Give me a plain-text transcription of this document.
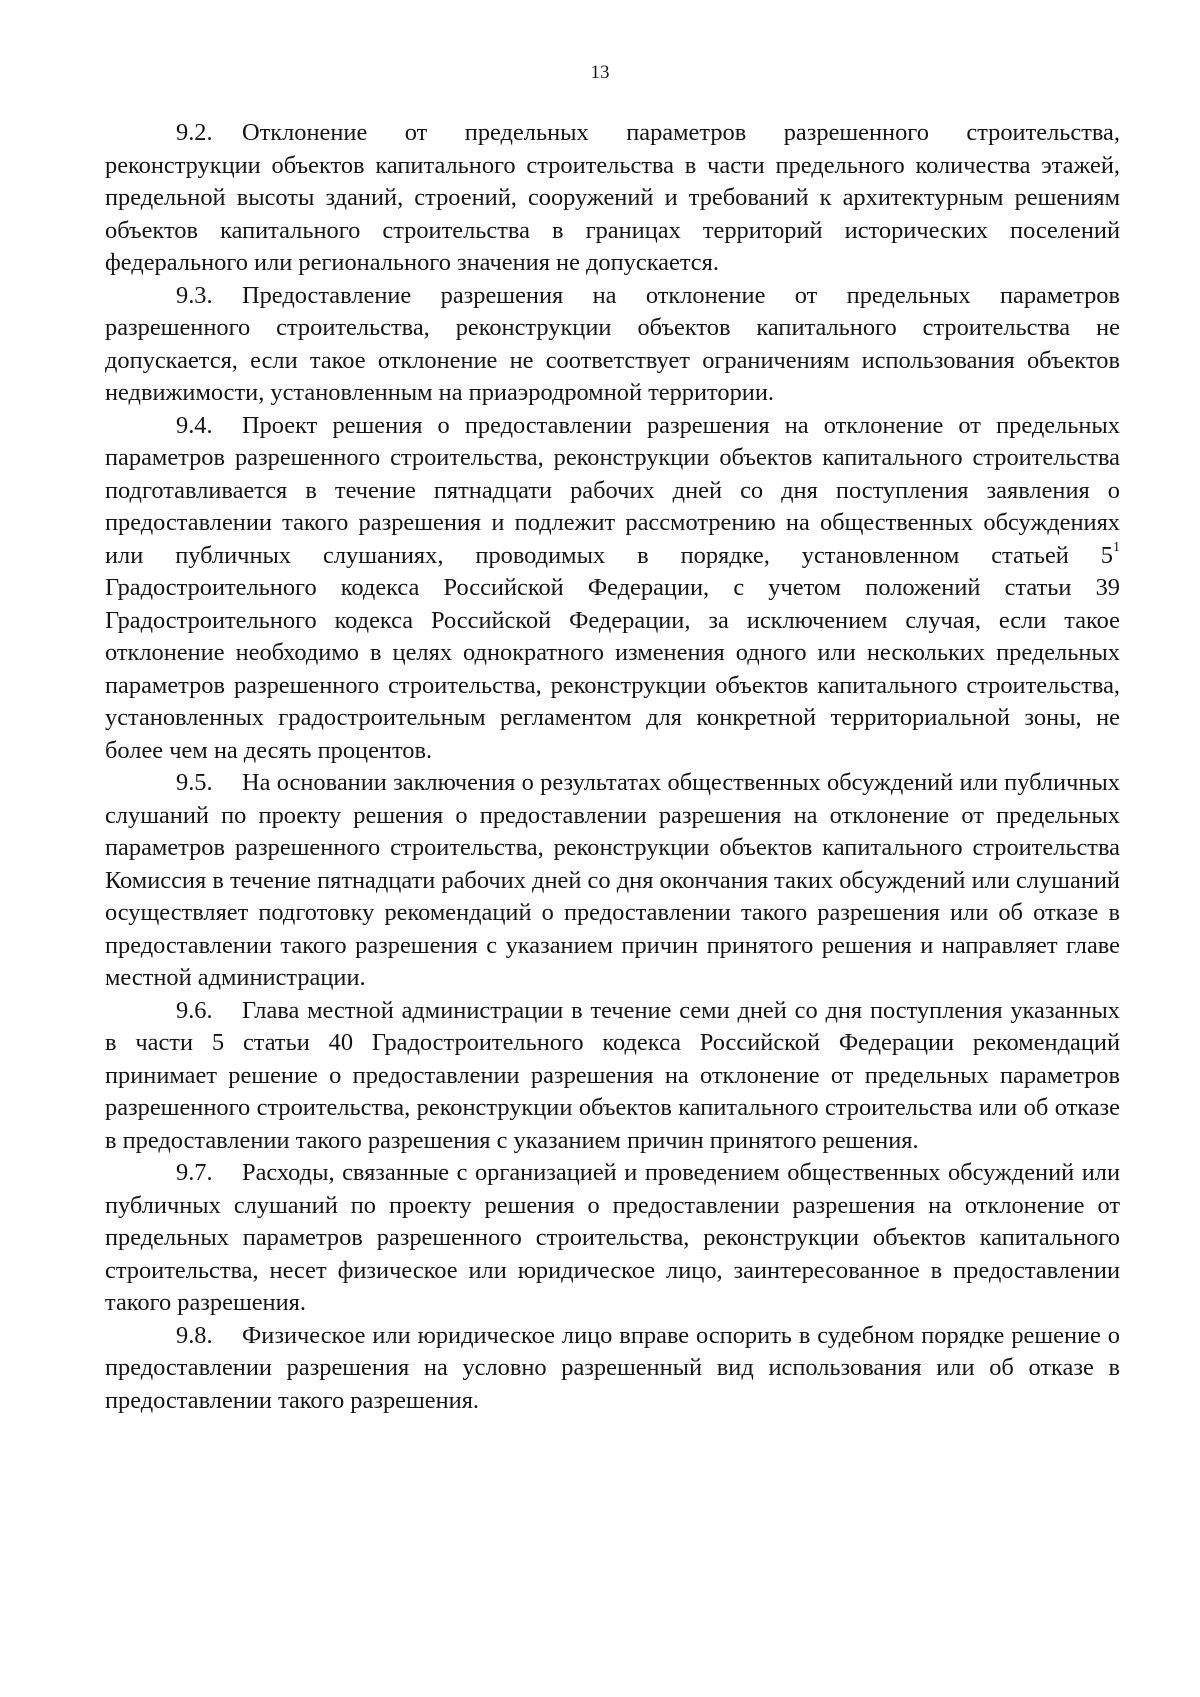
13

9.2. Отклонение от предельных параметров разрешенного строительства, реконструкции объектов капитального строительства в части предельного количества этажей, предельной высоты зданий, строений, сооружений и требований к архитектурным решениям объектов капитального строительства в границах территорий исторических поселений федерального или регионального значения не допускается.

9.3. Предоставление разрешения на отклонение от предельных параметров разрешенного строительства, реконструкции объектов капитального строительства не допускается, если такое отклонение не соответствует ограничениям использования объектов недвижимости, установленным на приаэродромной территории.

9.4. Проект решения о предоставлении разрешения на отклонение от предельных параметров разрешенного строительства, реконструкции объектов капитального строительства подготавливается в течение пятнадцати рабочих дней со дня поступления заявления о предоставлении такого разрешения и подлежит рассмотрению на общественных обсуждениях или публичных слушаниях, проводимых в порядке, установленном статьей 5$^1$ Градостроительного кодекса Российской Федерации, с учетом положений статьи 39 Градостроительного кодекса Российской Федерации, за исключением случая, если такое отклонение необходимо в целях однократного изменения одного или нескольких предельных параметров разрешенного строительства, реконструкции объектов капитального строительства, установленных градостроительным регламентом для конкретной территориальной зоны, не более чем на десять процентов.

9.5. На основании заключения о результатах общественных обсуждений или публичных слушаний по проекту решения о предоставлении разрешения на отклонение от предельных параметров разрешенного строительства, реконструкции объектов капитального строительства Комиссия в течение пятнадцати рабочих дней со дня окончания таких обсуждений или слушаний осуществляет подготовку рекомендаций о предоставлении такого разрешения или об отказе в предоставлении такого разрешения с указанием причин принятого решения и направляет главе местной администрации.

9.6. Глава местной администрации в течение семи дней со дня поступления указанных в части 5 статьи 40 Градостроительного кодекса Российской Федерации рекомендаций принимает решение о предоставлении разрешения на отклонение от предельных параметров разрешенного строительства, реконструкции объектов капитального строительства или об отказе в предоставлении такого разрешения с указанием причин принятого решения.

9.7. Расходы, связанные с организацией и проведением общественных обсуждений или публичных слушаний по проекту решения о предоставлении разрешения на отклонение от предельных параметров разрешенного строительства, реконструкции объектов капитального строительства, несет физическое или юридическое лицо, заинтересованное в предоставлении такого разрешения.

9.8. Физическое или юридическое лицо вправе оспорить в судебном порядке решение о предоставлении разрешения на условно разрешенный вид использования или об отказе в предоставлении такого разрешения.
